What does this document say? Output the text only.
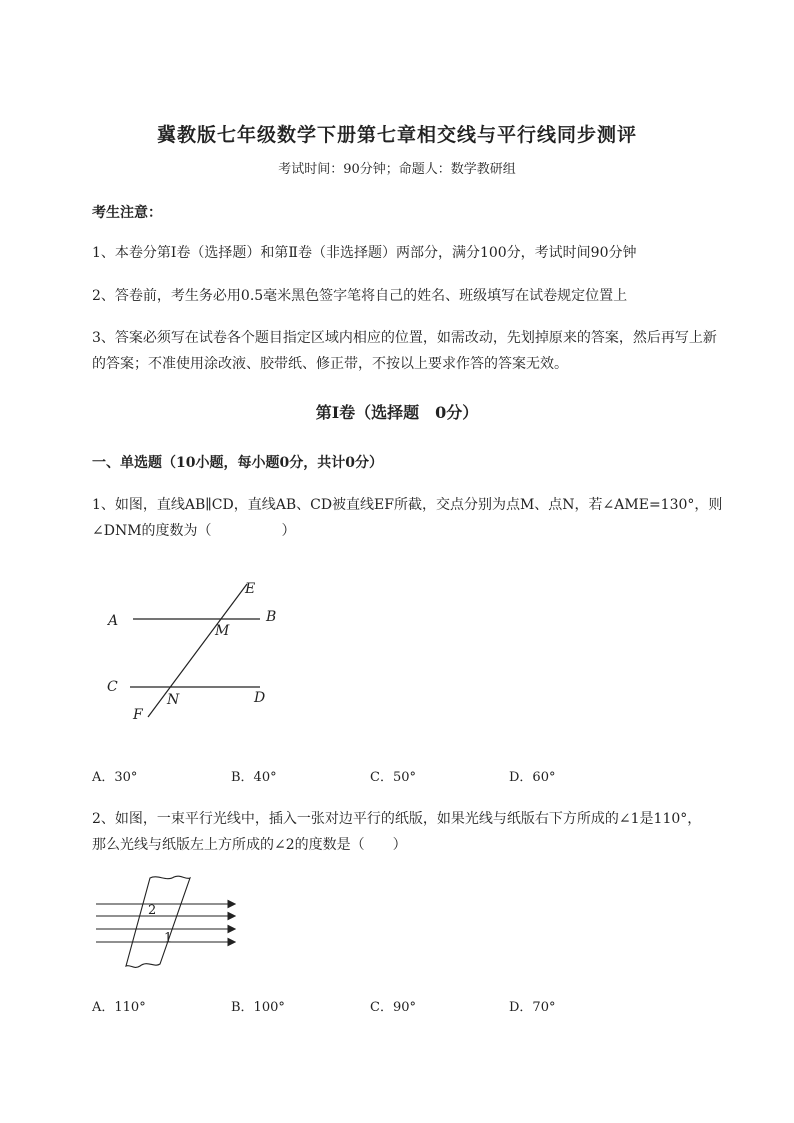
冀教版七年级数学下册第七章相交线与平行线同步测评
考试时间：90分钟；命题人：数学教研组
考生注意：
1、本卷分第I卷（选择题）和第Ⅱ卷（非选择题）两部分，满分100分，考试时间90分钟
2、答卷前，考生务必用0.5毫米黑色签字笔将自己的姓名、班级填写在试卷规定位置上
3、答案必须写在试卷各个题目指定区域内相应的位置，如需改动，先划掉原来的答案，然后再写上新
的答案；不准使用涂改液、胶带纸、修正带，不按以上要求作答的答案无效。
第I卷（选择题　0分）
一、单选题（10小题，每小题0分，共计0分）
1、如图，直线AB∥CD，直线AB、CD被直线EF所截，交点分别为点M、点N，若∠AME=130°，则
∠DNM的度数为（　　　　　）
A	B
C
D
E
F
M
N
A．30°	B．40°	C．50°	D．60°
2、如图，一束平行光线中，插入一张对边平行的纸版，如果光线与纸版右下方所成的∠1是110°，
那么光线与纸版左上方所成的∠2的度数是（　　）
2
1
A．110°	B．100°	C．90°	D．70°
